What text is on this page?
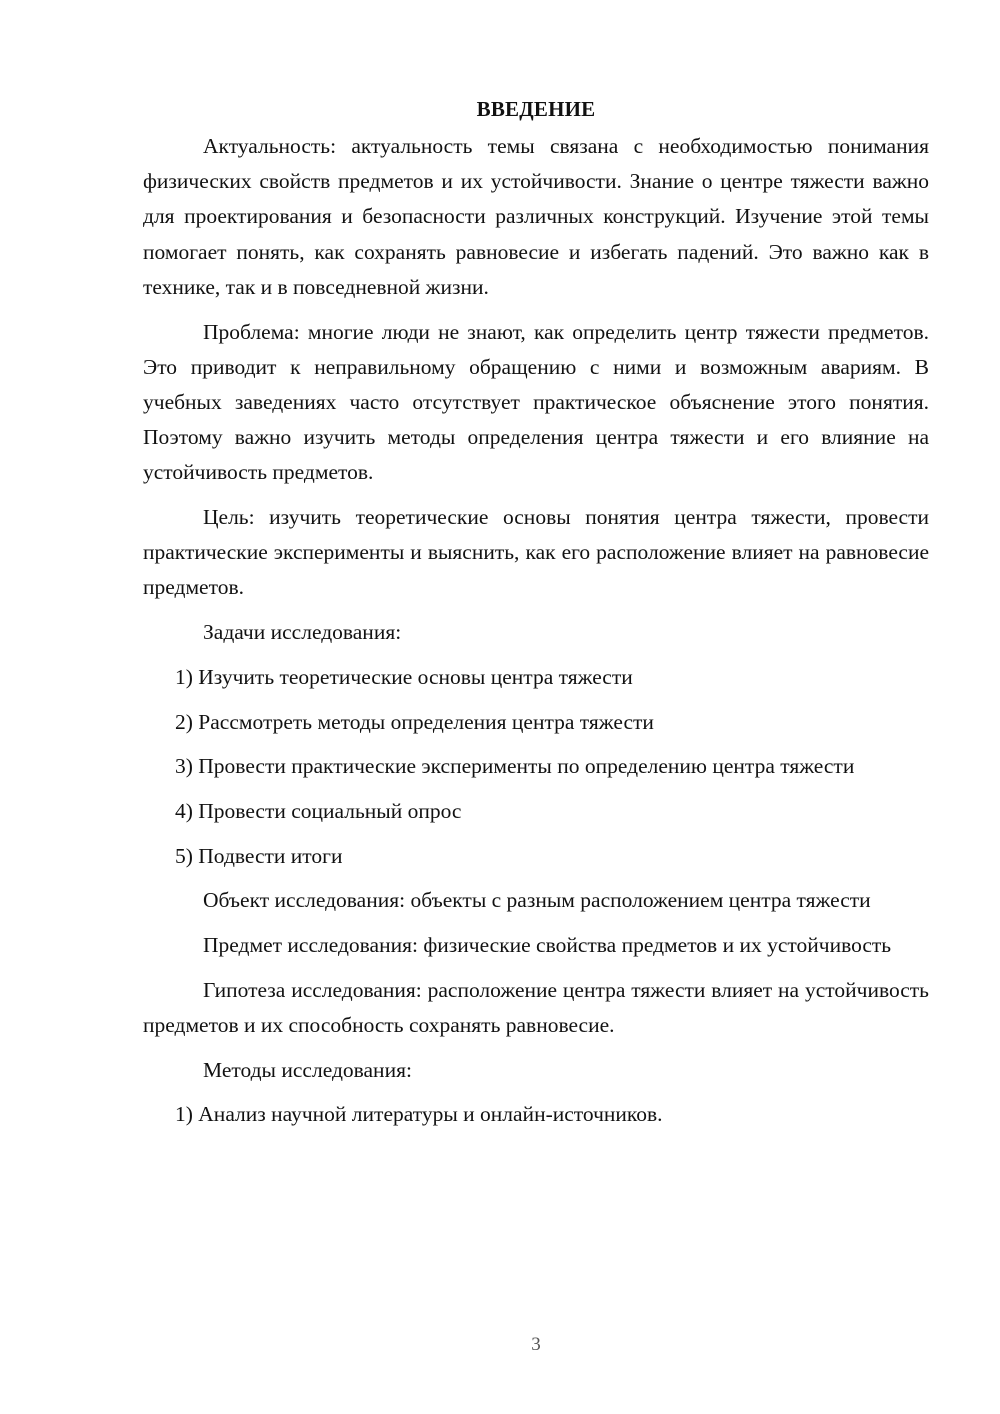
ВВЕДЕНИЕ

Актуальность: актуальность темы связана с необходимостью понимания физических свойств предметов и их устойчивости. Знание о центре тяжести важно для проектирования и безопасности различных конструкций. Изучение этой темы помогает понять, как сохранять равновесие и избегать падений. Это важно как в технике, так и в повседневной жизни.

Проблема: многие люди не знают, как определить центр тяжести предметов. Это приводит к неправильному обращению с ними и возможным авариям. В учебных заведениях часто отсутствует практическое объяснение этого понятия. Поэтому важно изучить методы определения центра тяжести и его влияние на устойчивость предметов.

Цель: изучить теоретические основы понятия центра тяжести, провести практические эксперименты и выяснить, как его расположение влияет на равновесие предметов.

Задачи исследования:

1) Изучить теоретические основы центра тяжести

2) Рассмотреть методы определения центра тяжести

3) Провести практические эксперименты по определению центра тяжести

4) Провести социальный опрос

5) Подвести итоги

Объект исследования: объекты с разным расположением центра тяжести

Предмет исследования: физические свойства предметов и их устойчивость

Гипотеза исследования: расположение центра тяжести влияет на устойчивость предметов и их способность сохранять равновесие.

Методы исследования:

1) Анализ научной литературы и онлайн-источников.

3
